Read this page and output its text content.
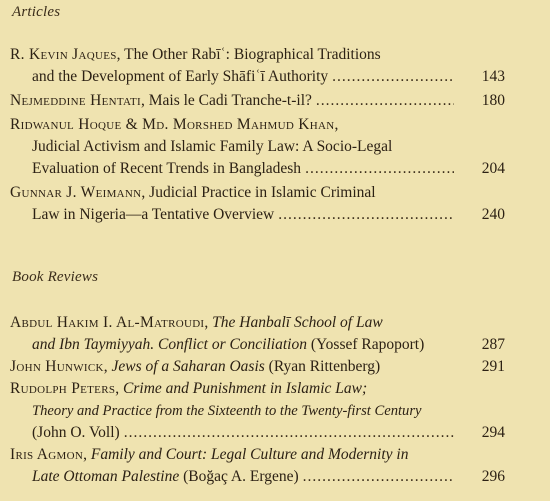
Articles
R. Kevin Jaques, The Other Rabīʿ: Biographical Traditions
and the Development of Early Shāfiʿī Authority .....	143
Nejmeddine Hentati, Mais le Cadi Tranche-t-il? .....	180
Ridwanul Hoque & Md. Morshed Mahmud Khan,
Judicial Activism and Islamic Family Law: A Socio-Legal
Evaluation of Recent Trends in Bangladesh .....	204
Gunnar J. Weimann, Judicial Practice in Islamic Criminal
Law in Nigeria—a Tentative Overview .....	240
Book Reviews
Abdul Hakim I. Al-Matroudi, The Hanbalī School of Law
and Ibn Taymiyyah. Conflict or Conciliation (Yossef Rapoport)	287
John Hunwick, Jews of a Saharan Oasis (Ryan Rittenberg)	291
Rudolph Peters, Crime and Punishment in Islamic Law;
Theory and Practice from the Sixteenth to the Twenty-first Century
(John O. Voll) .....	294
Iris Agmon, Family and Court: Legal Culture and Modernity in
Late Ottoman Palestine (Boğaç A. Ergene) .....	296
